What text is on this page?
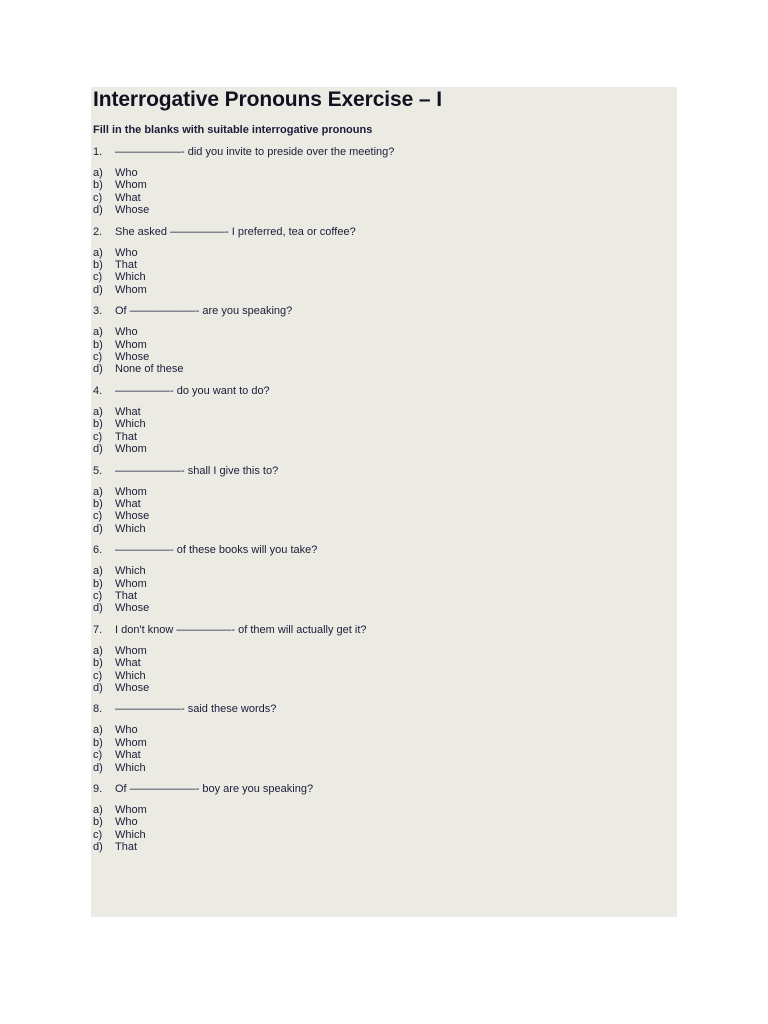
Interrogative Pronouns Exercise – I
Fill in the blanks with suitable interrogative pronouns
1.	——————- did you invite to preside over the meeting?
a)	Who
b)	Whom
c)	What
d)	Whose
2.	She asked —————- I preferred, tea or coffee?
a)	Who
b)	That
c)	Which
d)	Whom
3.	Of ——————- are you speaking?
a)	Who
b)	Whom
c)	Whose
d)	None of these
4.	—————- do you want to do?
a)	What
b)	Which
c)	That
d)	Whom
5.	——————- shall I give this to?
a)	Whom
b)	What
c)	Whose
d)	Which
6.	—————- of these books will you take?
a)	Which
b)	Whom
c)	That
d)	Whose
7.	I don't know —————- of them will actually get it?
a)	Whom
b)	What
c)	Which
d)	Whose
8.	——————- said these words?
a)	Who
b)	Whom
c)	What
d)	Which
9.	Of ——————- boy are you speaking?
a)	Whom
b)	Who
c)	Which
d)	That
